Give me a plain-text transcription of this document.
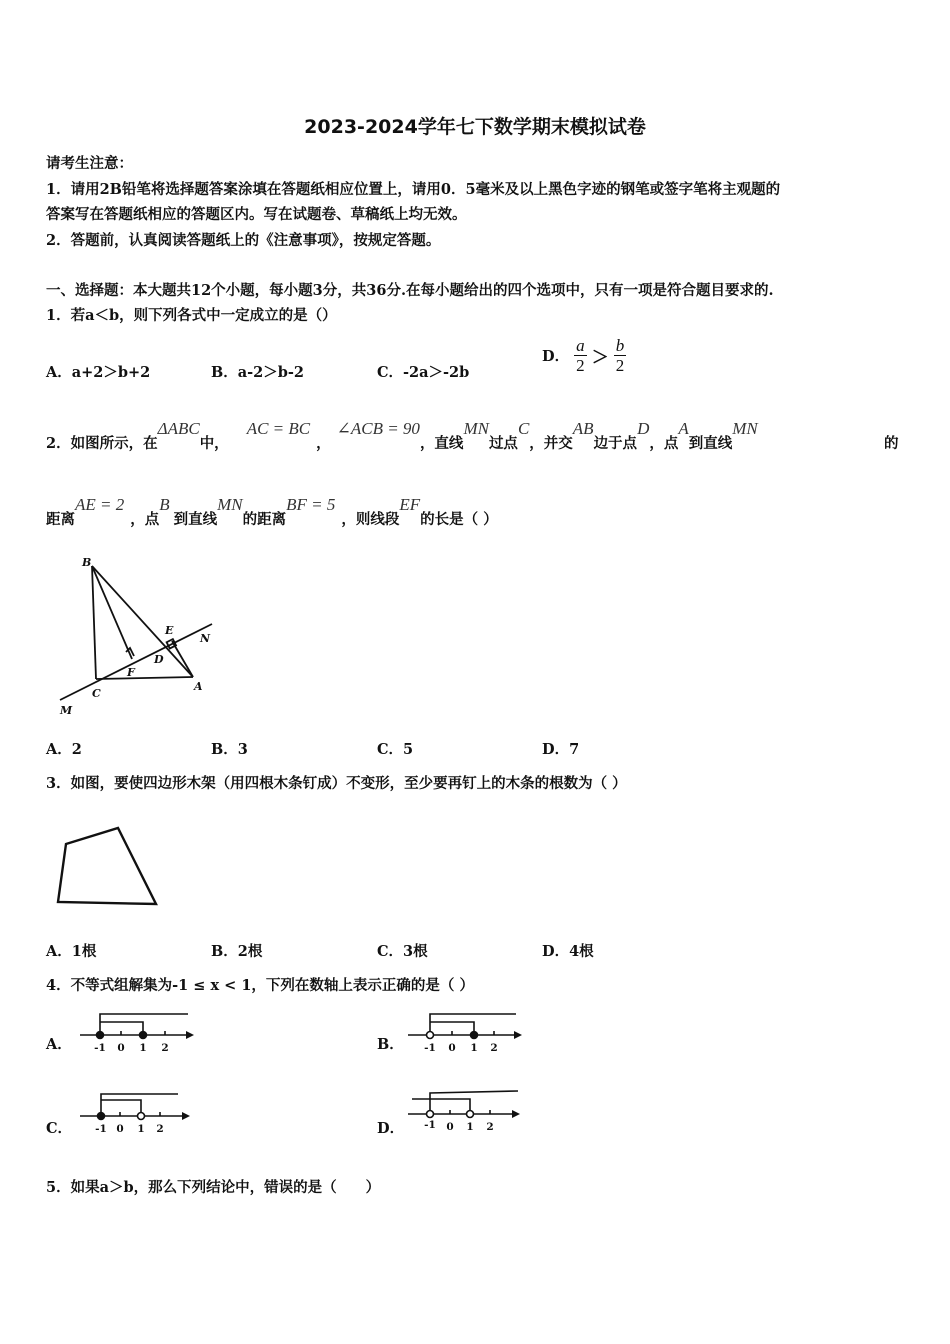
2023-2024学年七下数学期末模拟试卷
请考生注意：
1．请用2B铅笔将选择题答案涂填在答题纸相应位置上，请用0．5毫米及以上黑色字迹的钢笔或签字笔将主观题的
答案写在答题纸相应的答题区内。写在试题卷、草稿纸上均无效。
2．答题前，认真阅读答题纸上的《注意事项》，按规定答题。
一、选择题：本大题共12个小题，每小题3分，共36分.在每小题给出的四个选项中，只有一项是符合题目要求的.
1．若a＜b，则下列各式中一定成立的是（）
A．a+2＞b+2	B．a-2＞b-2	C．-2a＞-2b
D． $\frac{a}{2} > \frac{b}{2}$
2．如图所示，在ΔABC中，AC = BC，∠ACB = 90，直线MN过点C，并交AB边于点D，点A到直线MN
的
距离AE = 2，点B到直线MN的距离BF = 5，则线段EF的长是（ ）
B
E
N
D
F
C
A
M
A．2	B．3	C．5	D．7
3．如图，要使四边形木架（用四根木条钉成）不变形，至少要再钉上的木条的根数为（ ）
A．1根	B．2根	C．3根	D．4根
4．不等式组解集为-1 ≤ x < 1，下列在数轴上表示正确的是（ ）
A． -1 0 1 2	B． -1 0 1 2
C． -1 0 1 2	D． -1 0 1 2
5．如果a＞b，那么下列结论中，错误的是（　　）
